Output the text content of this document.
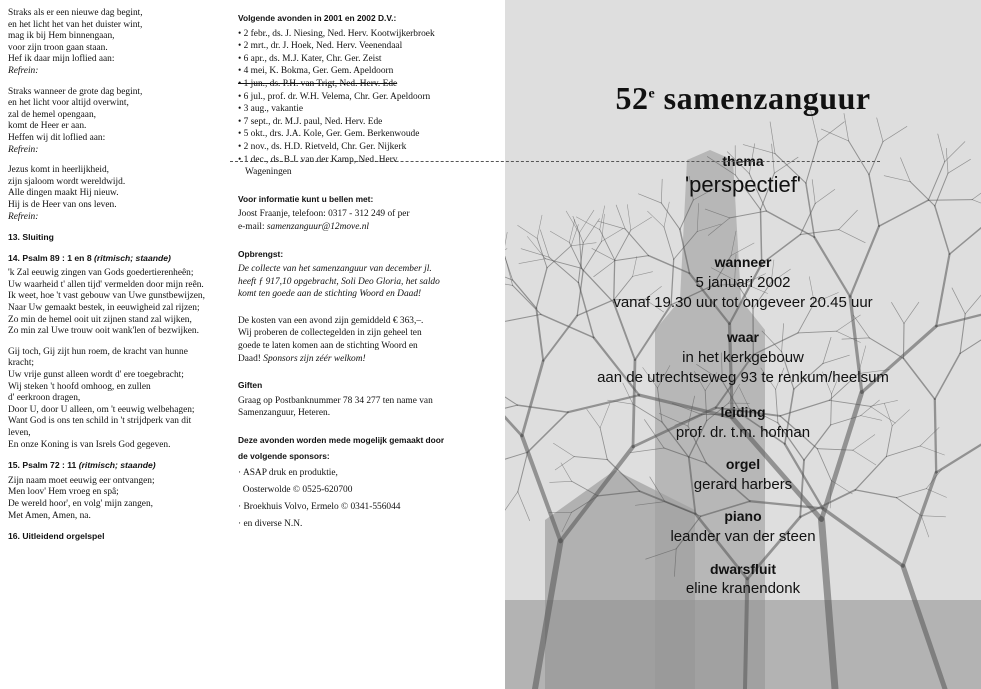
Straks als er een nieuwe dag begint,
en het licht het van het duister wint,
mag ik bij Hem binnengaan,
voor zijn troon gaan staan.
Hef ik daar mijn loflied aan:
Refrein:
Straks wanneer de grote dag begint,
en het licht voor altijd overwint,
zal de hemel opengaan,
komt de Heer er aan.
Heffen wij dit loflied aan:
Refrein:
Jezus komt in heerlijkheid,
zijn sjaloom wordt wereldwijd.
Alle dingen maakt Hij nieuw.
Hij is de Heer van ons leven.
Refrein:
13. Sluiting
14. Psalm 89 : 1 en 8 (ritmisch; staande)
'k Zal eeuwig zingen van Gods goedertierenheên;
Uw waarheid t' allen tijd' vermelden door mijn reên.
Ik weet, hoe 't vast gebouw van Uwe gunstbewijzen,
Naar Uw gemaakt bestek, in eeuwigheid zal rijzen;
Zo min de hemel ooit uit zijnen stand zal wijken,
Zo min zal Uwe trouw ooit wank'len of bezwijken.
Gij toch, Gij zijt hun roem, de kracht van hunne
kracht;
Uw vrije gunst alleen wordt d' ere toegebracht;
Wij steken 't hoofd omhoog, en zullen
d' eerkroon dragen,
Door U, door U alleen, om 't eeuwig welbehagen;
Want God is ons ten schild in 't strijdperk van dit
leven,
En onze Koning is van Isrels God gegeven.
15. Psalm 72 : 11 (ritmisch; staande)
Zijn naam moet eeuwig eer ontvangen;
Men loov' Hem vroeg en spâ;
De wereld hoor', en volg' mijn zangen,
Met Amen, Amen, na.
16. Uitleidend orgelspel
Volgende avonden in 2001 en 2002 D.V.:
• 2 febr., ds. J. Niesing, Ned. Herv. Kootwijkerbroek
• 2 mrt., dr. J. Hoek, Ned. Herv. Veenendaal
• 6 apr., ds. M.J. Kater, Chr. Ger. Zeist
• 4 mei, K. Bokma, Ger. Gem. Apeldoorn
• 1 jun., ds. P.H. van Trigt, Ned. Herv. Ede
• 6 jul., prof. dr. W.H. Velema, Chr. Ger. Apeldoorn
• 3 aug., vakantie
• 7 sept., dr. M.J. paul, Ned. Herv. Ede
• 5 okt., drs. J.A. Kole, Ger. Gem. Berkenwoude
• 2 nov., ds. H.D. Rietveld, Chr. Ger. Nijkerk
• 1 dec., ds. B.J. van der Kamp, Ned. Herv.
Wageningen
Voor informatie kunt u bellen met:
Joost Fraanje, telefoon: 0317 - 312 249 of per
e-mail: samenzanguur@12move.nl
Opbrengst:
De collecte van het samenzanguur van december jl.
heeft ƒ 917,10 opgebracht, Soli Deo Gloria, het saldo
komt ten goede aan de stichting Woord en Daad!
De kosten van een avond zijn gemiddeld € 363,–.
Wij proberen de collectegelden in zijn geheel ten
goede te laten komen aan de stichting Woord en
Daad! Sponsors zijn zéér welkom!
Giften
Graag op Postbanknummer 78 34 277 ten name van
Samenzanguur, Heteren.
Deze avonden worden mede mogelijk gemaakt door
de volgende sponsors:
· ASAP druk en produktie,
Oosterwolde © 0525-620700
· Broekhuis Volvo, Ermelo © 0341-556044
· en diverse N.N.
52e samenzanguur
thema
'perspectief'
wanneer
5 januari 2002
vanaf 19.30 uur tot ongeveer 20.45 uur
waar
in het kerkgebouw
aan de utrechtseweg 93 te renkum/heelsum
leiding
prof. dr. t.m. hofman
orgel
gerard harbers
piano
leander van der steen
dwarsfluit
eline kranendonk
